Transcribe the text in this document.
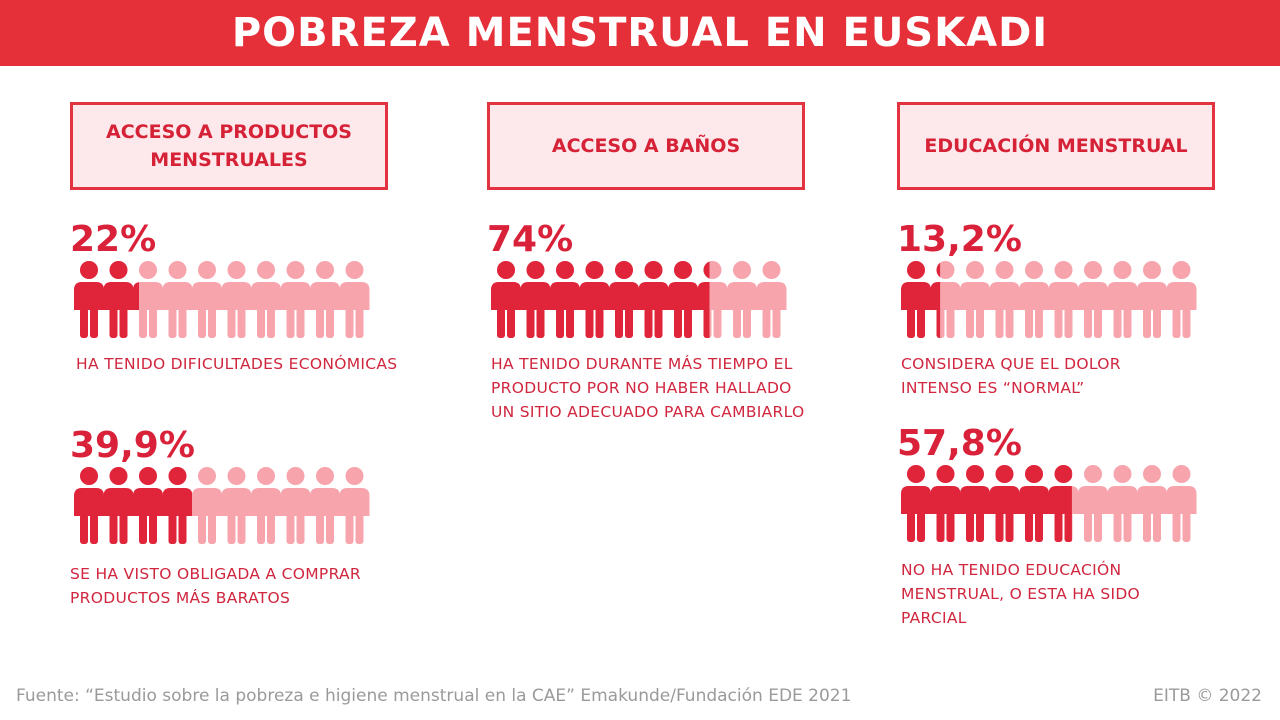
POBREZA MENSTRUAL EN EUSKADI
ACCESO A PRODUCTOS MENSTRUALES
22%
HA TENIDO DIFICULTADES ECONÓMICAS
39,9%
SE HA VISTO OBLIGADA A COMPRAR PRODUCTOS MÁS BARATOS
ACCESO A BAÑOS
74%
HA TENIDO DURANTE MÁS TIEMPO EL PRODUCTO POR NO HABER HALLADO UN SITIO ADECUADO PARA CAMBIARLO
EDUCACIÓN MENSTRUAL
13,2%
CONSIDERA QUE EL DOLOR INTENSO ES “NORMAL”
57,8%
NO HA TENIDO EDUCACIÓN MENSTRUAL, O ESTA HA SIDO PARCIAL
Fuente: “Estudio sobre la pobreza e higiene menstrual en la CAE” Emakunde/Fundación EDE 2021	EITB © 2022
